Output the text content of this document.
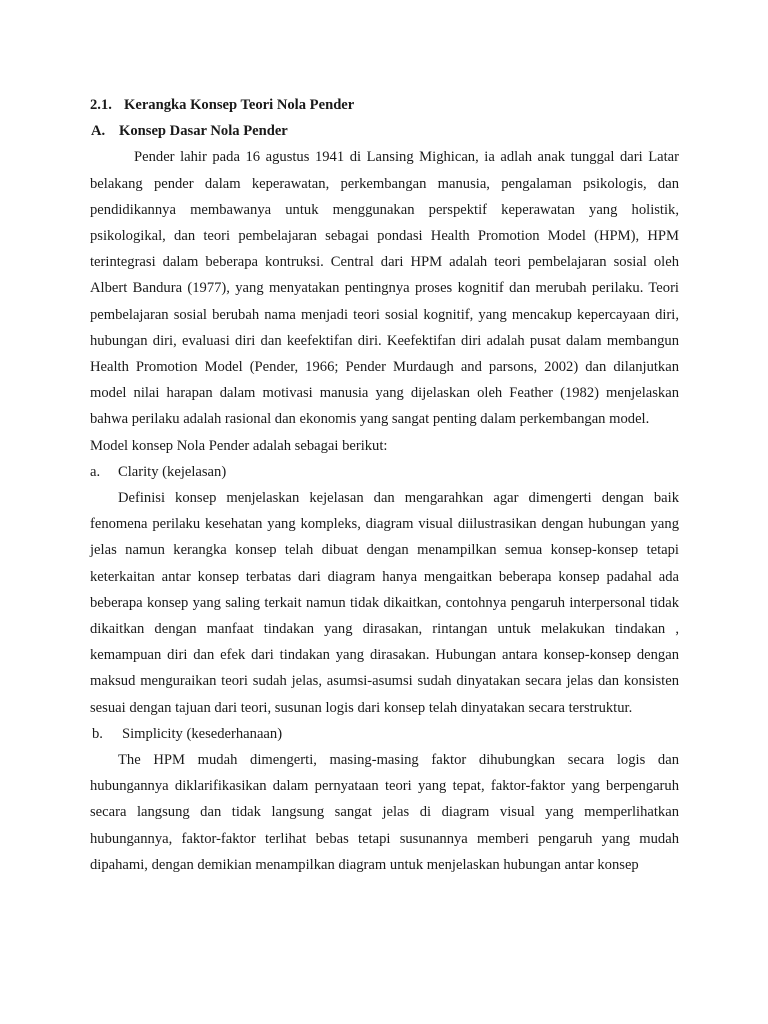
2.1. Kerangka Konsep Teori Nola Pender
A. Konsep Dasar Nola Pender

Pender lahir pada 16 agustus 1941 di Lansing Mighican, ia adlah anak tunggal dari Latar belakang pender dalam keperawatan, perkembangan manusia, pengalaman psikologis, dan pendidikannya membawanya untuk menggunakan perspektif keperawatan yang holistik, psikologikal, dan teori pembelajaran sebagai pondasi Health Promotion Model (HPM), HPM terintegrasi dalam beberapa kontruksi. Central dari HPM adalah teori pembelajaran sosial oleh Albert Bandura (1977), yang menyatakan pentingnya proses kognitif dan merubah perilaku. Teori pembelajaran sosial berubah nama menjadi teori sosial kognitif, yang mencakup kepercayaan diri, hubungan diri, evaluasi diri dan keefektifan diri. Keefektifan diri adalah pusat dalam membangun Health Promotion Model (Pender, 1966; Pender Murdaugh and parsons, 2002) dan dilanjutkan model nilai harapan dalam motivasi manusia yang dijelaskan oleh Feather (1982) menjelaskan bahwa perilaku adalah rasional dan ekonomis yang sangat penting dalam perkembangan model.

Model konsep Nola Pender adalah sebagai berikut:

a. Clarity (kejelasan)

Definisi konsep menjelaskan kejelasan dan mengarahkan agar dimengerti dengan baik fenomena perilaku kesehatan yang kompleks, diagram visual diilustrasikan dengan hubungan yang jelas namun kerangka konsep telah dibuat dengan menampilkan semua konsep-konsep tetapi keterkaitan antar konsep terbatas dari diagram hanya mengaitkan beberapa konsep padahal ada beberapa konsep yang saling terkait namun tidak dikaitkan, contohnya pengaruh interpersonal tidak dikaitkan dengan manfaat tindakan yang dirasakan, rintangan untuk melakukan tindakan , kemampuan diri dan efek dari tindakan yang dirasakan. Hubungan antara konsep-konsep dengan maksud menguraikan teori sudah jelas, asumsi-asumsi sudah dinyatakan secara jelas dan konsisten sesuai dengan tajuan dari teori, susunan logis dari konsep telah dinyatakan secara terstruktur.

b. Simplicity (kesederhanaan)

The HPM mudah dimengerti, masing-masing faktor dihubungkan secara logis dan hubungannya diklarifikasikan dalam pernyataan teori yang tepat, faktor-faktor yang berpengaruh secara langsung dan tidak langsung sangat jelas di diagram visual yang memperlihatkan hubungannya, faktor-faktor terlihat bebas tetapi susunannya memberi pengaruh yang mudah dipahami, dengan demikian menampilkan diagram untuk menjelaskan hubungan antar konsep
